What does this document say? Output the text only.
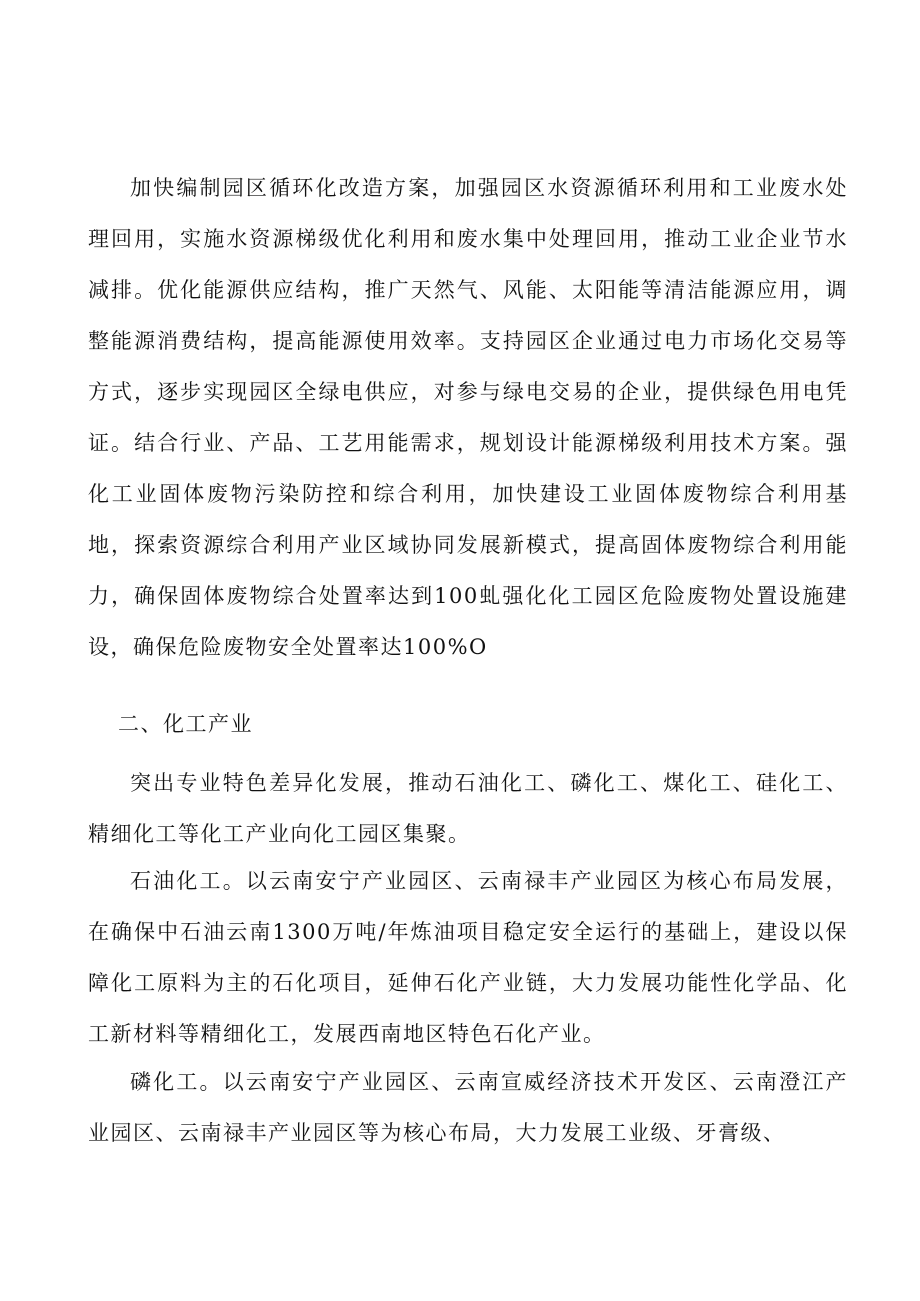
加快编制园区循环化改造方案，加强园区水资源循环利用和工业废水处理回用，实施水资源梯级优化利用和废水集中处理回用，推动工业企业节水减排。优化能源供应结构，推广天然气、风能、太阳能等清洁能源应用，调整能源消费结构，提高能源使用效率。支持园区企业通过电力市场化交易等方式，逐步实现园区全绿电供应，对参与绿电交易的企业，提供绿色用电凭证。结合行业、产品、工艺用能需求，规划设计能源梯级利用技术方案。强化工业固体废物污染防控和综合利用，加快建设工业固体废物综合利用基地，探索资源综合利用产业区域协同发展新模式，提高固体废物综合利用能力，确保固体废物综合处置率达到100虬强化化工园区危险废物处置设施建设，确保危险废物安全处置率达100%O

二、化工产业

突出专业特色差异化发展，推动石油化工、磷化工、煤化工、硅化工、精细化工等化工产业向化工园区集聚。

石油化工。以云南安宁产业园区、云南禄丰产业园区为核心布局发展，在确保中石油云南1300万吨/年炼油项目稳定安全运行的基础上，建设以保障化工原料为主的石化项目，延伸石化产业链，大力发展功能性化学品、化工新材料等精细化工，发展西南地区特色石化产业。

磷化工。以云南安宁产业园区、云南宣威经济技术开发区、云南澄江产业园区、云南禄丰产业园区等为核心布局，大力发展工业级、牙膏级、
